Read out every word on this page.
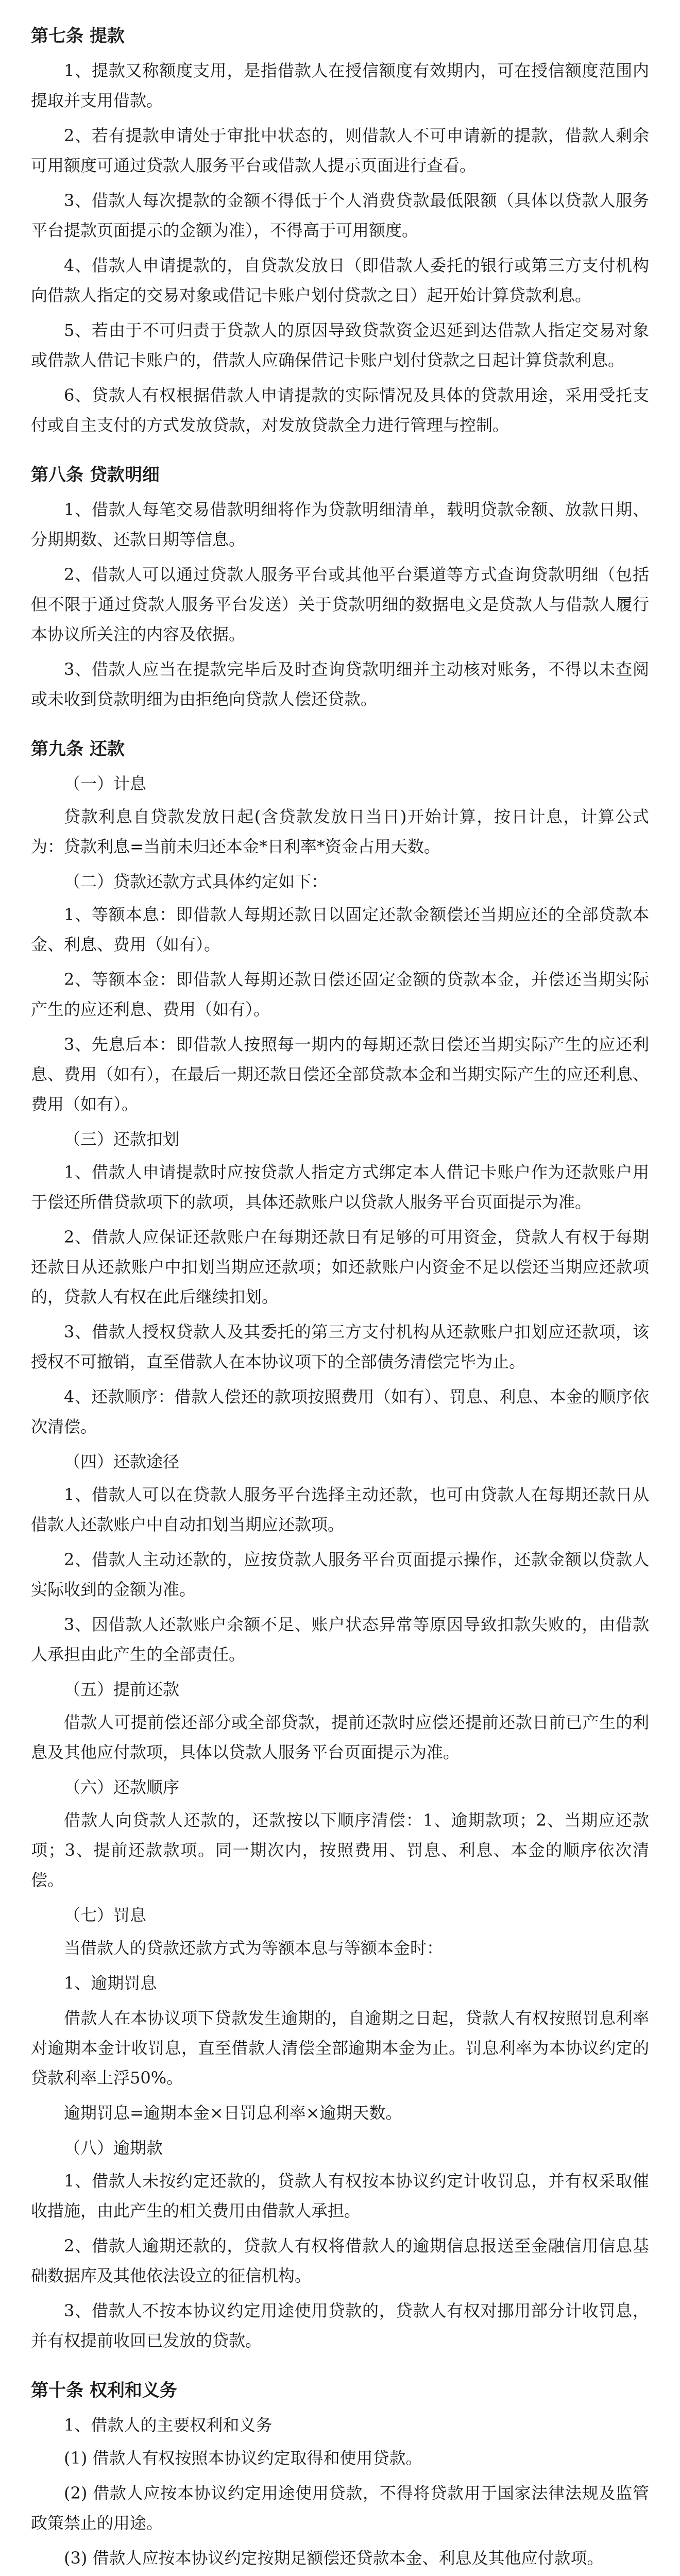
第七条 提款

1、提款又称额度支用，是指借款人在授信额度有效期内，可在授信额度范围内提取并支用借款。

2、若有提款申请处于审批中状态的，则借款人不可申请新的提款，借款人剩余可用额度可通过贷款人服务平台或借款人提示页面进行查看。

3、借款人每次提款的金额不得低于个人消费贷款最低限额（具体以贷款人服务平台提款页面提示的金额为准），不得高于可用额度。

4、借款人申请提款的，自贷款发放日（即借款人委托的银行或第三方支付机构向借款人指定的交易对象或借记卡账户划付贷款之日）起开始计算贷款利息。

5、若由于不可归责于贷款人的原因导致贷款资金迟延到达借款人指定交易对象或借款人借记卡账户的，借款人应确保借记卡账户划付贷款之日起计算贷款利息。

6、贷款人有权根据借款人申请提款的实际情况及具体的贷款用途，采用受托支付或自主支付的方式发放贷款，对发放贷款全力进行管理与控制。

第八条 贷款明细

1、借款人每笔交易借款明细将作为贷款明细清单，载明贷款金额、放款日期、分期期数、还款日期等信息。

2、借款人可以通过贷款人服务平台或其他平台渠道等方式查询贷款明细（包括但不限于通过贷款人服务平台发送）关于贷款明细的数据电文是贷款人与借款人履行本协议所关注的内容及依据。

3、借款人应当在提款完毕后及时查询贷款明细并主动核对账务，不得以未查阅或未收到贷款明细为由拒绝向贷款人偿还贷款。

第九条 还款
（一）计息

贷款利息自贷款发放日起(含贷款发放日当日)开始计算，按日计息，计算公式为：贷款利息=当前未归还本金*日利率*资金占用天数。

（二）贷款还款方式具体约定如下：

1、等额本息：即借款人每期还款日以固定还款金额偿还当期应还的全部贷款本金、利息、费用（如有）。

2、等额本金：即借款人每期还款日偿还固定金额的贷款本金，并偿还当期实际产生的应还利息、费用（如有）。

3、先息后本：即借款人按照每一期内的每期还款日偿还当期实际产生的应还利息、费用（如有），在最后一期还款日偿还全部贷款本金和当期实际产生的应还利息、费用（如有）。

（三）还款扣划

1、借款人申请提款时应按贷款人指定方式绑定本人借记卡账户作为还款账户用于偿还所借贷款项下的款项，具体还款账户以贷款人服务平台页面提示为准。

2、借款人应保证还款账户在每期还款日有足够的可用资金，贷款人有权于每期还款日从还款账户中扣划当期应还款项；如还款账户内资金不足以偿还当期应还款项的，贷款人有权在此后继续扣划。

3、借款人授权贷款人及其委托的第三方支付机构从还款账户扣划应还款项，该授权不可撤销，直至借款人在本协议项下的全部债务清偿完毕为止。

4、还款顺序：借款人偿还的款项按照费用（如有）、罚息、利息、本金的顺序依次清偿。

（四）还款途径

1、借款人可以在贷款人服务平台选择主动还款，也可由贷款人在每期还款日从借款人还款账户中自动扣划当期应还款项。

2、借款人主动还款的，应按贷款人服务平台页面提示操作，还款金额以贷款人实际收到的金额为准。

3、因借款人还款账户余额不足、账户状态异常等原因导致扣款失败的，由借款人承担由此产生的全部责任。

（五）提前还款

借款人可提前偿还部分或全部贷款，提前还款时应偿还提前还款日前已产生的利息及其他应付款项，具体以贷款人服务平台页面提示为准。

（六）还款顺序

借款人向贷款人还款的，还款按以下顺序清偿：1、逾期款项；2、当期应还款项；3、提前还款款项。同一期次内，按照费用、罚息、利息、本金的顺序依次清偿。

（七）罚息

当借款人的贷款还款方式为等额本息与等额本金时：

1、逾期罚息

借款人在本协议项下贷款发生逾期的，自逾期之日起，贷款人有权按照罚息利率对逾期本金计收罚息，直至借款人清偿全部逾期本金为止。罚息利率为本协议约定的贷款利率上浮50%。

逾期罚息=逾期本金×日罚息利率×逾期天数。

（八）逾期款

1、借款人未按约定还款的，贷款人有权按本协议约定计收罚息，并有权采取催收措施，由此产生的相关费用由借款人承担。

2、借款人逾期还款的，贷款人有权将借款人的逾期信息报送至金融信用信息基础数据库及其他依法设立的征信机构。

3、借款人不按本协议约定用途使用贷款的，贷款人有权对挪用部分计收罚息，并有权提前收回已发放的贷款。

第十条 权利和义务
1、借款人的主要权利和义务

(1) 借款人有权按照本协议约定取得和使用贷款。

(2) 借款人应按本协议约定用途使用贷款，不得将贷款用于国家法律法规及监管政策禁止的用途。

(3) 借款人应按本协议约定按期足额偿还贷款本金、利息及其他应付款项。
